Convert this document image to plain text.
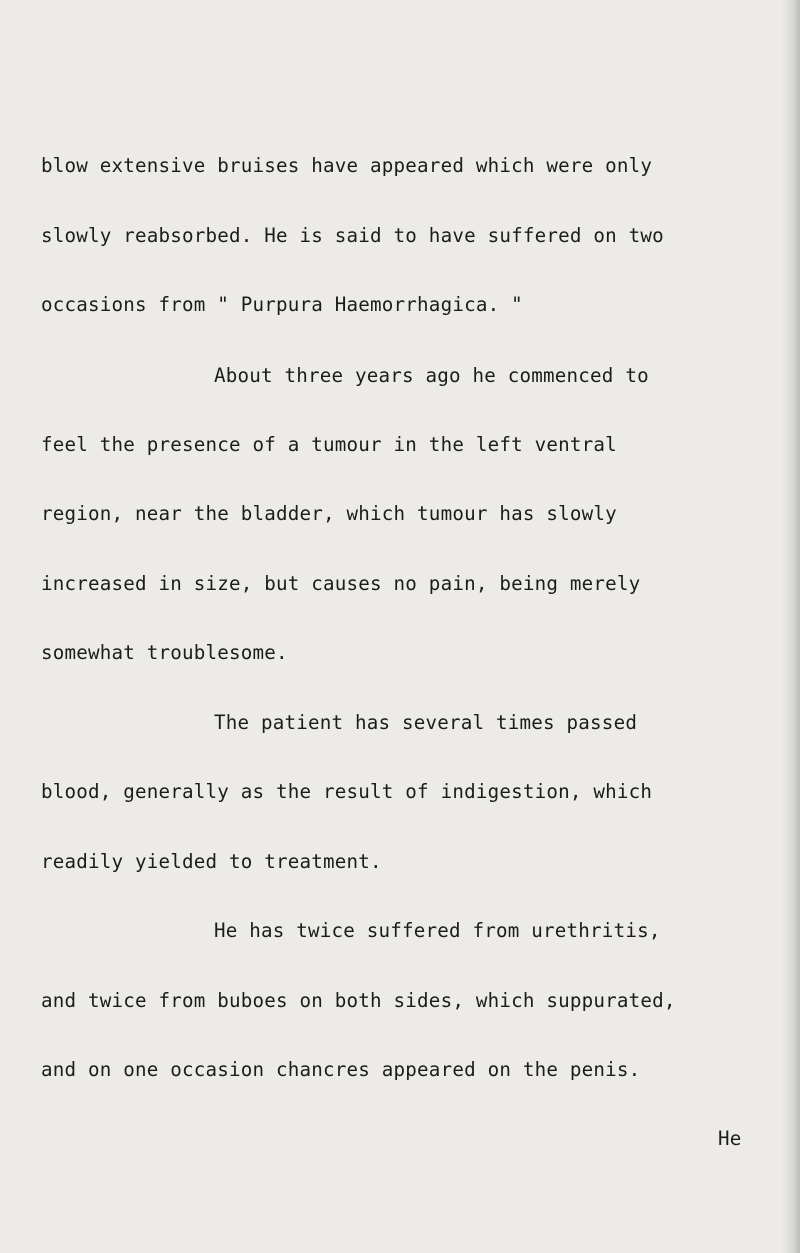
blow extensive bruises have appeared which were only
slowly reabsorbed. He is said to have suffered on two
occasions from " Purpura Haemorrhagica. "
About three years ago he commenced to
feel the presence of a tumour in the left ventral
region, near the bladder, which tumour has slowly
increased in size, but causes no pain, being merely
somewhat troublesome.
The patient has several times passed
blood, generally as the result of indigestion, which
readily yielded to treatment.
He has twice suffered from urethritis,
and twice from buboes on both sides, which suppurated,
and on one occasion chancres appeared on the penis.
He
